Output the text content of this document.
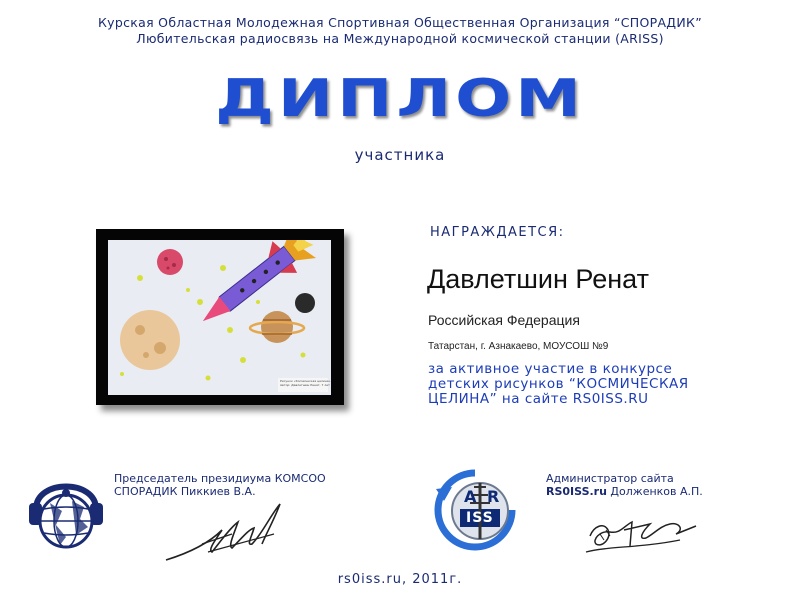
Курская Областная Молодежная Спортивная Общественная Организация “СПОРАДИК”
Любительская радиосвязь на Международной космической станции (ARISS)
ДИПЛОМ
участника
Рисунок «Космическая целина»
Автор: Давлетшин Ренат, 7 лет
НАГРАЖДАЕТСЯ:
Давлетшин Ренат
Российская Федерация
Татарстан, г. Азнакаево, МОУСОШ №9
за активное участие в конкурсе
детских рисунков “КОСМИЧЕСКАЯ
ЦЕЛИНА” на сайте RS0ISS.RU
Председатель президиума КОМСОО
СПОРАДИК Пиккиев В.А.	A R
ISS
Администратор сайта
RS0ISS.ru Долженков А.П.
rs0iss.ru, 2011г.
